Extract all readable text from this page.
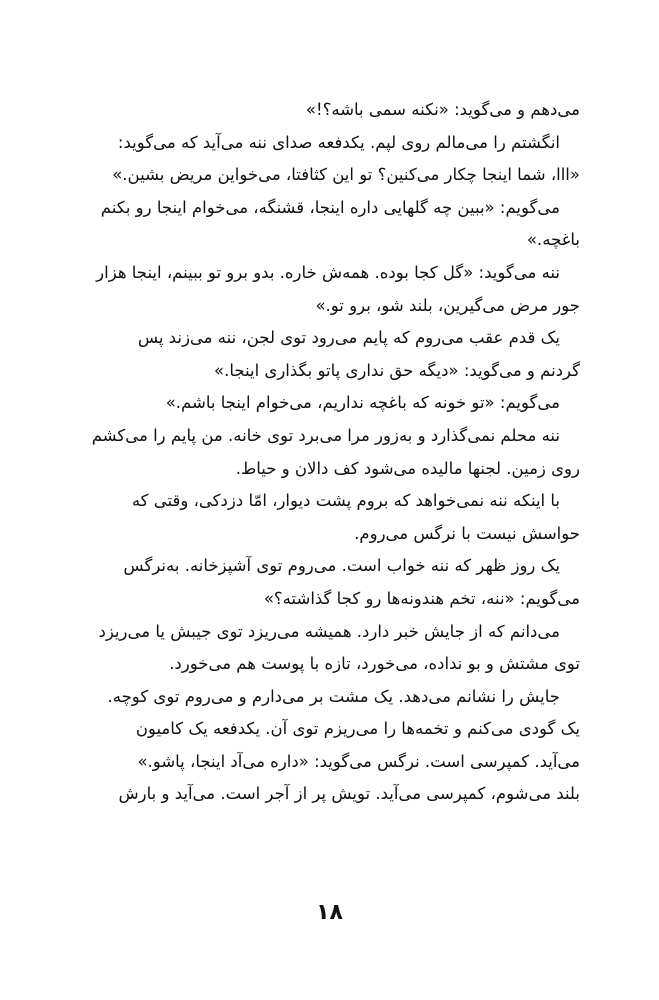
می‌دهم و می‌گوید: «نکنه سمی باشه؟!»
انگشتم را می‌مالم روی لپم. یکدفعه صدای ننه می‌آید که می‌گوید:
«ااا، شما اینجا چکار می‌کنین؟ تو این کثافتا، می‌خواین مریض بشین.»
می‌گویم: «ببین چه گلهایی داره اینجا، قشنگه، می‌خوام اینجا رو بکنم
باغچه.»
ننه می‌گوید: «گل کجا بوده. همه‌ش خاره. بدو برو تو ببینم، اینجا هزار
جور مرض می‌گیرین، بلند شو، برو تو.»
یک قدم عقب می‌روم که پایم می‌رود توی لجن، ننه می‌زند پس
گردنم و می‌گوید: «دیگه حق نداری پاتو بگذاری اینجا.»
می‌گویم: «تو خونه که باغچه نداریم، می‌خوام اینجا باشم.»
ننه محلم نمی‌گذارد و به‌زور مرا می‌برد توی خانه. من پایم را می‌کشم
روی زمین. لجنها مالیده می‌شود کف دالان و حیاط.
با اینکه ننه نمی‌خواهد که بروم پشت دیوار، امّا دزدکی، وقتی که
حواسش نیست با نرگس می‌روم.
یک روز ظهر که ننه خواب است. می‌روم توی آشپزخانه. به‌نرگس
می‌گویم: «ننه، تخم هندونه‌ها رو کجا گذاشته؟»
می‌دانم که از جایش خبر دارد. همیشه می‌ریزد توی جیبش یا می‌ریزد
توی مشتش و بو نداده، می‌خورد، تازه با پوست هم می‌خورد.
جایش را نشانم می‌دهد. یک مشت بر می‌دارم و می‌روم توی کوچه.
یک گودی می‌کنم و تخمه‌ها را می‌ریزم توی آن. یکدفعه یک کامیون
می‌آید. کمپرسی است. نرگس می‌گوید: «داره می‌آد اینجا، پاشو.»
بلند می‌شوم، کمپرسی می‌آید. تویش پر از آجر است. می‌آید و بارش
۱۸
